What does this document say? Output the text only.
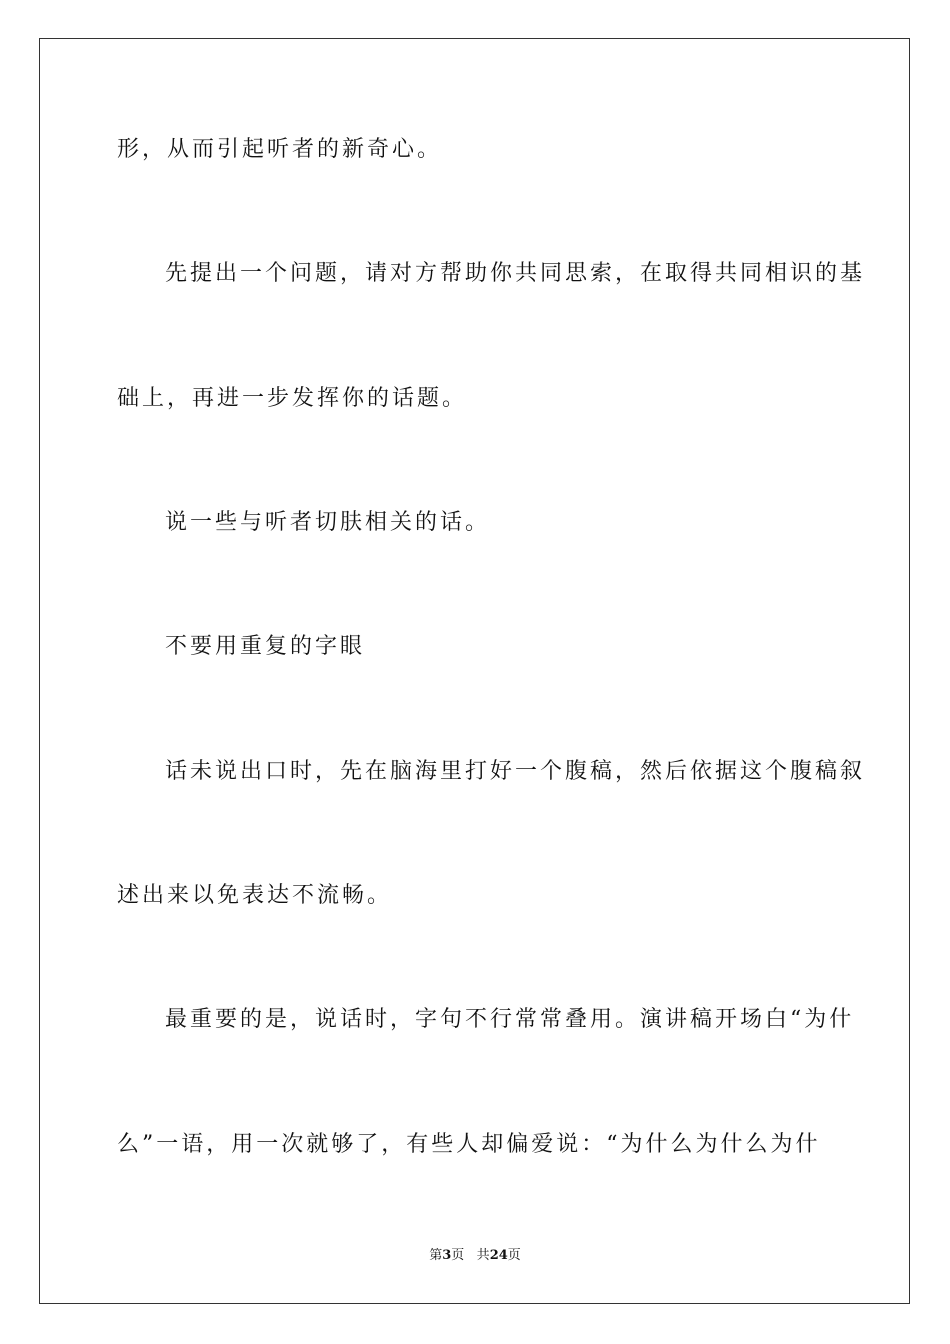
形，从而引起听者的新奇心。
先提出一个问题，请对方帮助你共同思索，在取得共同相识的基
础上，再进一步发挥你的话题。
说一些与听者切肤相关的话。
不要用重复的字眼
话未说出口时，先在脑海里打好一个腹稿，然后依据这个腹稿叙
述出来以免表达不流畅。
最重要的是，说话时，字句不行常常叠用。演讲稿开场白“为什
么”一语，用一次就够了，有些人却偏爱说：“为什么为什么为什
第3页 共24页
